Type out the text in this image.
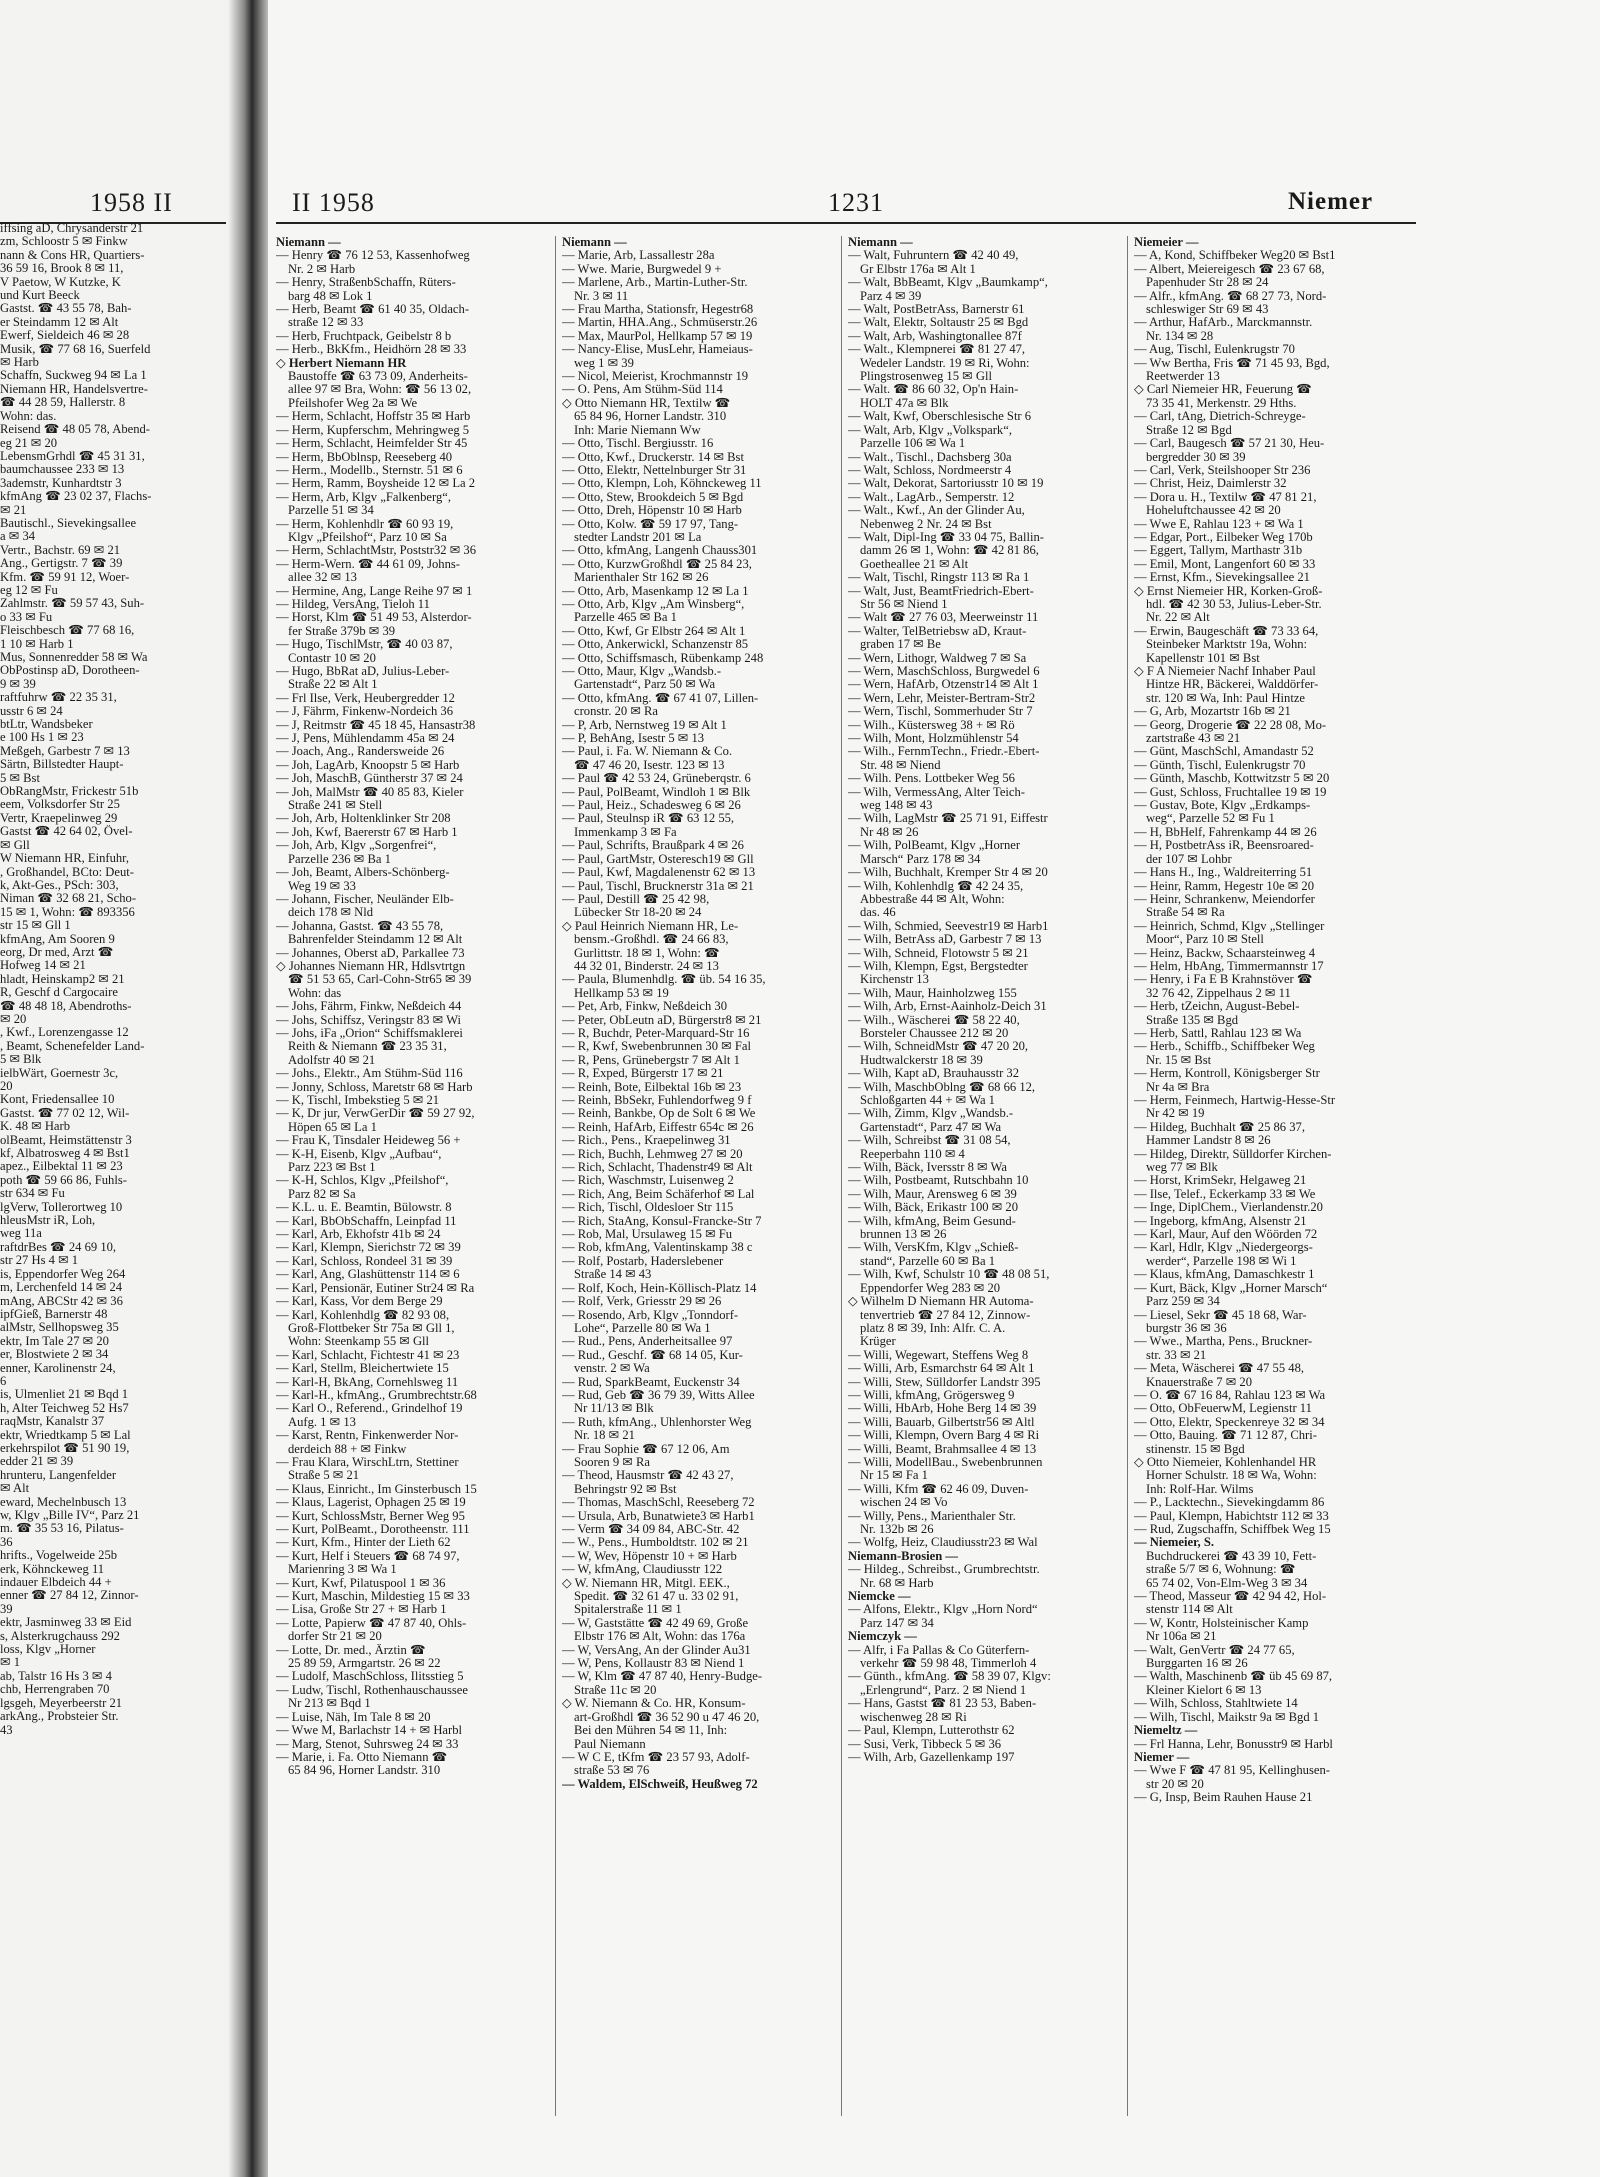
1958 II
iffsing aD, Chrysanderstr 21
zm, Schloostr 5 ✉ Finkw
nann & Cons HR, Quartiers-
36 59 16, Brook 8 ✉ 11,
V Paetow, W Kutzke, K
und Kurt Beeck
Gastst. ☎ 43 55 78, Bah-
er Steindamm 12 ✉ Alt
Ewerf, Sieldeich 46 ✉ 28
Musik, ☎ 77 68 16, Suerfeld
✉ Harb
Schaffn, Suckweg 94 ✉ La 1
Niemann HR, Handelsvertre-
☎ 44 28 59, Hallerstr. 8
Wohn: das.
Reisend ☎ 48 05 78, Abend-
eg 21 ✉ 20
LebensmGrhdl ☎ 45 31 31,
baumchaussee 233 ✉ 13
3ademstr, Kunhardtstr 3
kfmAng ☎ 23 02 37, Flachs-
✉ 21
Bautischl., Sievekingsallee
a ✉ 34
Vertr., Bachstr. 69 ✉ 21
Ang., Gertigstr. 7 ☎ 39
Kfm. ☎ 59 91 12, Woer-
eg 12 ✉ Fu
Zahlmstr. ☎ 59 57 43, Suh-
o 33 ✉ Fu
Fleischbesch ☎ 77 68 16,
1 10 ✉ Harb 1
Mus, Sonnenredder 58 ✉ Wa
ObPostinsp aD, Dorotheen-
9 ✉ 39
raftfuhrw ☎ 22 35 31,
usstr 6 ✉ 24
btLtr, Wandsbeker
e 100 Hs 1 ✉ 23
Meßgeh, Garbestr 7 ✉ 13
Särtn, Billstedter Haupt-
5 ✉ Bst
ObRangMstr, Frickestr 51b
eem, Volksdorfer Str 25
Vertr, Kraepelinweg 29
Gastst ☎ 42 64 02, Övel-
✉ Gll
W Niemann HR, Einfuhr,
, Großhandel, BCto: Deut-
k, Akt-Ges., PSch: 303,
Niman ☎ 32 68 21, Scho-
15 ✉ 1, Wohn: ☎ 893356
str 15 ✉ Gll 1
kfmAng, Am Sooren 9
eorg, Dr med, Arzt ☎
Hofweg 14 ✉ 21
hladt, Heinskamp2 ✉ 21
R, Geschf d Cargocaire
☎ 48 48 18, Abendroths-
✉ 20
, Kwf., Lorenzengasse 12
, Beamt, Schenefelder Land-
5 ✉ Blk
ielbWärt, Goernestr 3c,
20
Kont, Friedensallee 10
Gastst. ☎ 77 02 12, Wil-
K. 48 ✉ Harb
olBeamt, Heimstättenstr 3
kf, Albatrosweg 4 ✉ Bst1
apez., Eilbektal 11 ✉ 23
poth ☎ 59 66 86, Fuhls-
str 634 ✉ Fu
lgVerw, Tollerortweg 10
hleusMstr iR, Loh,
weg 11a
raftdrBes ☎ 24 69 10,
str 27 Hs 4 ✉ 1
is, Eppendorfer Weg 264
m, Lerchenfeld 14 ✉ 24
mAng, ABCStr 42 ✉ 36
ipfGieß, Barnerstr 48
alMstr, Sellhopsweg 35
ektr, Im Tale 27 ✉ 20
er, Blostwiete 2 ✉ 34
enner, Karolinenstr 24,
6
is, Ulmenliet 21 ✉ Bqd 1
h, Alter Teichweg 52 Hs7
raqMstr, Kanalstr 37
ektr, Wriedtkamp 5 ✉ Lal
erkehrspilot ☎ 51 90 19,
edder 21 ✉ 39
hrunteru, Langenfelder
✉ Alt
eward, Mechelnbusch 13
w, Klgv „Bille IV“, Parz 21
m. ☎ 35 53 16, Pilatus-
36
hrifts., Vogelweide 25b
erk, Köhnckeweg 11
indauer Elbdeich 44 +
enner ☎ 27 84 12, Zinnor-
39
ektr, Jasminweg 33 ✉ Eid
s, Alsterkrugchauss 292
loss, Klgv „Horner
✉ 1
ab, Talstr 16 Hs 3 ✉ 4
chb, Herrengraben 70
lgsgeh, Meyerbeerstr 21
arkAng., Probsteier Str.
43
II 1958	1231	Niemer
Niemann —
— Henry ☎ 76 12 53, Kassenhofweg
Nr. 2 ✉ Harb
— Henry, StraßenbSchaffn, Rüters-
barg 48 ✉ Lok 1
— Herb, Beamt ☎ 61 40 35, Oldach-
straße 12 ✉ 33
— Herb, Fruchtpack, Geibelstr 8 b
— Herb., BkKfm., Heidhörn 28 ✉ 33
◇ Herbert Niemann HR
Baustoffe ☎ 63 73 09, Anderheits-
allee 97 ✉ Bra, Wohn: ☎ 56 13 02,
Pfeilshofer Weg 2a ✉ We
— Herm, Schlacht, Hoffstr 35 ✉ Harb
— Herm, Kupferschm, Mehringweg 5
— Herm, Schlacht, Heimfelder Str 45
— Herm, BbOblnsp, Reeseberg 40
— Herm., Modellb., Sternstr. 51 ✉ 6
— Herm, Ramm, Boysheide 12 ✉ La 2
— Herm, Arb, Klgv „Falkenberg“,
Parzelle 51 ✉ 34
— Herm, Kohlenhdlr ☎ 60 93 19,
Klgv „Pfeilshof“, Parz 10 ✉ Sa
— Herm, SchlachtMstr, Poststr32 ✉ 36
— Herm-Wern. ☎ 44 61 09, Johns-
allee 32 ✉ 13
— Hermine, Ang, Lange Reihe 97 ✉ 1
— Hildeg, VersAng, Tieloh 11
— Horst, Klm ☎ 51 49 53, Alsterdor-
fer Straße 379b ✉ 39
— Hugo, TischlMstr, ☎ 40 03 87,
Contastr 10 ✉ 20
— Hugo, BbRat aD, Julius-Leber-
Straße 22 ✉ Alt 1
— Frl Ilse, Verk, Heubergredder 12
— J, Fährm, Finkenw-Nordeich 36
— J, Reitmstr ☎ 45 18 45, Hansastr38
— J, Pens, Mühlendamm 45a ✉ 24
— Joach, Ang., Randersweide 26
— Joh, LagArb, Knoopstr 5 ✉ Harb
— Joh, MaschB, Güntherstr 37 ✉ 24
— Joh, MalMstr ☎ 40 85 83, Kieler
Straße 241 ✉ Stell
— Joh, Arb, Holtenklinker Str 208
— Joh, Kwf, Baererstr 67 ✉ Harb 1
— Joh, Arb, Klgv „Sorgenfrei“,
Parzelle 236 ✉ Ba 1
— Joh, Beamt, Albers-Schönberg-
Weg 19 ✉ 33
— Johann, Fischer, Neuländer Elb-
deich 178 ✉ Nld
— Johanna, Gastst. ☎ 43 55 78,
Bahrenfelder Steindamm 12 ✉ Alt
— Johannes, Oberst aD, Parkallee 73
◇ Johannes Niemann HR, Hdlsvtrtgn
☎ 51 53 65, Carl-Cohn-Str65 ✉ 39
Wohn: das
— Johs, Fährm, Finkw, Neßdeich 44
— Johs, Schiffsz, Veringstr 83 ✉ Wi
— Johs, iFa „Orion“ Schiffsmaklerei
Reith & Niemann ☎ 23 35 31,
Adolfstr 40 ✉ 21
— Johs., Elektr., Am Stühm-Süd 116
— Jonny, Schloss, Maretstr 68 ✉ Harb
— K, Tischl, Imbekstieg 5 ✉ 21
— K, Dr jur, VerwGerDir ☎ 59 27 92,
Höpen 65 ✉ La 1
— Frau K, Tinsdaler Heideweg 56 +
— K-H, Eisenb, Klgv „Aufbau“,
Parz 223 ✉ Bst 1
— K-H, Schlos, Klgv „Pfeilshof“,
Parz 82 ✉ Sa
— K.L. u. E. Beamtin, Bülowstr. 8
— Karl, BbObSchaffn, Leinpfad 11
— Karl, Arb, Ekhofstr 41b ✉ 24
— Karl, Klempn, Sierichstr 72 ✉ 39
— Karl, Schloss, Rondeel 31 ✉ 39
— Karl, Ang, Glashüttenstr 114 ✉ 6
— Karl, Pensionär, Eutiner Str24 ✉ Ra
— Karl, Kass, Vor dem Berge 29
— Karl, Kohlenhdlg ☎ 82 93 08,
Groß-Flottbeker Str 75a ✉ Gll 1,
Wohn: Steenkamp 55 ✉ Gll
— Karl, Schlacht, Fichtestr 41 ✉ 23
— Karl, Stellm, Bleichertwiete 15
— Karl-H, BkAng, Cornehlsweg 11
— Karl-H., kfmAng., Grumbrechtstr.68
— Karl O., Referend., Grindelhof 19
Aufg. 1 ✉ 13
— Karst, Rentn, Finkenwerder Nor-
derdeich 88 + ✉ Finkw
— Frau Klara, WirschLtrn, Stettiner
Straße 5 ✉ 21
— Klaus, Einricht., Im Ginsterbusch 15
— Klaus, Lagerist, Ophagen 25 ✉ 19
— Kurt, SchlossMstr, Berner Weg 95
— Kurt, PolBeamt., Dorotheenstr. 111
— Kurt, Kfm., Hinter der Lieth 62
— Kurt, Helf i Steuers ☎ 68 74 97,
Marienring 3 ✉ Wa 1
— Kurt, Kwf, Pilatuspool 1 ✉ 36
— Kurt, Maschin, Mildestieg 15 ✉ 33
— Lisa, Große Str 27 + ✉ Harb 1
— Lotte, Papierw ☎ 47 87 40, Ohls-
dorfer Str 21 ✉ 20
— Lotte, Dr. med., Ärztin ☎
25 89 59, Armgartstr. 26 ✉ 22
— Ludolf, MaschSchloss, Ilitsstieg 5
— Ludw, Tischl, Rothenhauschaussee
Nr 213 ✉ Bqd 1
— Luise, Näh, Im Tale 8 ✉ 20
— Wwe M, Barlachstr 14 + ✉ Harbl
— Marg, Stenot, Suhrsweg 24 ✉ 33
— Marie, i. Fa. Otto Niemann ☎
65 84 96, Horner Landstr. 310
Niemann —
— Marie, Arb, Lassallestr 28a
— Wwe. Marie, Burgwedel 9 +
— Marlene, Arb., Martin-Luther-Str.
Nr. 3 ✉ 11
— Frau Martha, Stationsfr, Hegestr68
— Martin, HHA.Ang., Schmüserstr.26
— Max, MaurPol, Hellkamp 57 ✉ 19
— Nancy-Elise, MusLehr, Hameiaus-
weg 1 ✉ 39
— Nicol, Meierist, Krochmannstr 19
— O. Pens, Am Stühm-Süd 114
◇ Otto Niemann HR, Textilw ☎
65 84 96, Horner Landstr. 310
Inh: Marie Niemann Ww
— Otto, Tischl. Bergiusstr. 16
— Otto, Kwf., Druckerstr. 14 ✉ Bst
— Otto, Elektr, Nettelnburger Str 31
— Otto, Klempn, Loh, Köhnckeweg 11
— Otto, Stew, Brookdeich 5 ✉ Bgd
— Otto, Dreh, Höpenstr 10 ✉ Harb
— Otto, Kolw. ☎ 59 17 97, Tang-
stedter Landstr 201 ✉ La
— Otto, kfmAng, Langenh Chauss301
— Otto, KurzwGroßhdl ☎ 25 84 23,
Marienthaler Str 162 ✉ 26
— Otto, Arb, Masenkamp 12 ✉ La 1
— Otto, Arb, Klgv „Am Winsberg“,
Parzelle 465 ✉ Ba 1
— Otto, Kwf, Gr Elbstr 264 ✉ Alt 1
— Otto, Ankerwickl, Schanzenstr 85
— Otto, Schiffsmasch, Rübenkamp 248
— Otto, Maur, Klgv „Wandsb.-
Gartenstadt“, Parz 50 ✉ Wa
— Otto, kfmAng. ☎ 67 41 07, Lillen-
cronstr. 20 ✉ Ra
— P, Arb, Nernstweg 19 ✉ Alt 1
— P, BehAng, Isestr 5 ✉ 13
— Paul, i. Fa. W. Niemann & Co.
☎ 47 46 20, Isestr. 123 ✉ 13
— Paul ☎ 42 53 24, Grüneberqstr. 6
— Paul, PolBeamt, Windloh 1 ✉ Blk
— Paul, Heiz., Schadesweg 6 ✉ 26
— Paul, Steulnsp iR ☎ 63 12 55,
Immenkamp 3 ✉ Fa
— Paul, Schrifts, Braußpark 4 ✉ 26
— Paul, GartMstr, Osteresch19 ✉ Gll
— Paul, Kwf, Magdalenenstr 62 ✉ 13
— Paul, Tischl, Brucknerstr 31a ✉ 21
— Paul, Destill ☎ 25 42 98,
Lübecker Str 18-20 ✉ 24
◇ Paul Heinrich Niemann HR, Le-
bensm.-Großhdl. ☎ 24 66 83,
Gurlittstr. 18 ✉ 1, Wohn: ☎
44 32 01, Binderstr. 24 ✉ 13
— Paula, Blumenhdlg. ☎ üb. 54 16 35,
Hellkamp 53 ✉ 19
— Pet, Arb, Finkw, Neßdeich 30
— Peter, ObLeutn aD, Bürgerstr8 ✉ 21
— R, Buchdr, Peter-Marquard-Str 16
— R, Kwf, Swebenbrunnen 30 ✉ Fal
— R, Pens, Grünebergstr 7 ✉ Alt 1
— R, Exped, Bürgerstr 17 ✉ 21
— Reinh, Bote, Eilbektal 16b ✉ 23
— Reinh, BbSekr, Fuhlendorfweg 9 f
— Reinh, Bankbe, Op de Solt 6 ✉ We
— Reinh, HafArb, Eiffestr 654c ✉ 26
— Rich., Pens., Kraepelinweg 31
— Rich, Buchh, Lehmweg 27 ✉ 20
— Rich, Schlacht, Thadenstr49 ✉ Alt
— Rich, Waschmstr, Luisenweg 2
— Rich, Ang, Beim Schäferhof ✉ Lal
— Rich, Tischl, Oldesloer Str 115
— Rich, StaAng, Konsul-Francke-Str 7
— Rob, Mal, Ursulaweg 15 ✉ Fu
— Rob, kfmAng, Valentinskamp 38 c
— Rolf, Postarb, Haderslebener
Straße 14 ✉ 43
— Rolf, Koch, Hein-Köllisch-Platz 14
— Rolf, Verk, Griesstr 29 ✉ 26
— Rosendo, Arb, Klgv „Tonndorf-
Lohe“, Parzelle 80 ✉ Wa 1
— Rud., Pens, Anderheitsallee 97
— Rud., Geschf. ☎ 68 14 05, Kur-
venstr. 2 ✉ Wa
— Rud, SparkBeamt, Euckenstr 34
— Rud, Geb ☎ 36 79 39, Witts Allee
Nr 11/13 ✉ Blk
— Ruth, kfmAng., Uhlenhorster Weg
Nr. 18 ✉ 21
— Frau Sophie ☎ 67 12 06, Am
Sooren 9 ✉ Ra
— Theod, Hausmstr ☎ 42 43 27,
Behringstr 92 ✉ Bst
— Thomas, MaschSchl, Reeseberg 72
— Ursula, Arb, Bunatwiete3 ✉ Harb1
— Verm ☎ 34 09 84, ABC-Str. 42
— W., Pens., Humboldtstr. 102 ✉ 21
— W, Wev, Höpenstr 10 + ✉ Harb
— W, kfmAng, Claudiusstr 122
◇ W. Niemann HR, Mitgl. EEK.,
Spedit. ☎ 32 61 47 u. 33 02 91,
Spitalerstraße 11 ✉ 1
— W, Gaststätte ☎ 42 49 69, Große
Elbstr 176 ✉ Alt, Wohn: das 176a
— W, VersAng, An der Glinder Au31
— W, Pens, Kollaustr 83 ✉ Niend 1
— W, Klm ☎ 47 87 40, Henry-Budge-
Straße 11c ✉ 20
◇ W. Niemann & Co. HR, Konsum-
art-Großhdl ☎ 36 52 90 u 47 46 20,
Bei den Mühren 54 ✉ 11, Inh:
Paul Niemann
— W C E, tKfm ☎ 23 57 93, Adolf-
straße 53 ✉ 76
— Waldem, ElSchweiß, Heußweg 72
Niemann —
— Walt, Fuhruntern ☎ 42 40 49,
Gr Elbstr 176a ✉ Alt 1
— Walt, BbBeamt, Klgv „Baumkamp“,
Parz 4 ✉ 39
— Walt, PostBetrAss, Barnerstr 61
— Walt, Elektr, Soltaustr 25 ✉ Bgd
— Walt, Arb, Washingtonallee 87f
— Walt., Klempnerei ☎ 81 27 47,
Wedeler Landstr. 19 ✉ Ri, Wohn:
Plingstrosenweg 15 ✉ Gll
— Walt. ☎ 86 60 32, Op'n Hain-
HOLT 47a ✉ Blk
— Walt, Kwf, Oberschlesische Str 6
— Walt, Arb, Klgv „Volkspark“,
Parzelle 106 ✉ Wa 1
— Walt., Tischl., Dachsberg 30a
— Walt, Schloss, Nordmeerstr 4
— Walt, Dekorat, Sartoriusstr 10 ✉ 19
— Walt., LagArb., Semperstr. 12
— Walt., Kwf., An der Glinder Au,
Nebenweg 2 Nr. 24 ✉ Bst
— Walt, Dipl-Ing ☎ 33 04 75, Ballin-
damm 26 ✉ 1, Wohn: ☎ 42 81 86,
Goetheallee 21 ✉ Alt
— Walt, Tischl, Ringstr 113 ✉ Ra 1
— Walt, Just, BeamtFriedrich-Ebert-
Str 56 ✉ Niend 1
— Walt ☎ 27 76 03, Meerweinstr 11
— Walter, TelBetriebsw aD, Kraut-
graben 17 ✉ Be
— Wern, Lithogr, Waldweg 7 ✉ Sa
— Wern, MaschSchloss, Burgwedel 6
— Wern, HafArb, Otzenstr14 ✉ Alt 1
— Wern, Lehr, Meister-Bertram-Str2
— Wern, Tischl, Sommerhuder Str 7
— Wilh., Küstersweg 38 + ✉ Rö
— Wilh, Mont, Holzmühlenstr 54
— Wilh., FernmTechn., Friedr.-Ebert-
Str. 48 ✉ Niend
— Wilh. Pens. Lottbeker Weg 56
— Wilh, VermessAng, Alter Teich-
weg 148 ✉ 43
— Wilh, LagMstr ☎ 25 71 91, Eiffestr
Nr 48 ✉ 26
— Wilh, PolBeamt, Klgv „Horner
Marsch“ Parz 178 ✉ 34
— Wilh, Buchhalt, Kremper Str 4 ✉ 20
— Wilh, Kohlenhdlg ☎ 42 24 35,
Abbestraße 44 ✉ Alt, Wohn:
das. 46
— Wilh, Schmied, Seevestr19 ✉ Harb1
— Wilh, BetrAss aD, Garbestr 7 ✉ 13
— Wilh, Schneid, Flotowstr 5 ✉ 21
— Wilh, Klempn, Egst, Bergstedter
Kirchenstr 13
— Wilh, Maur, Hainholzweg 155
— Wilh, Arb, Ernst-Aainholz-Deich 31
— Wilh., Wäscherei ☎ 58 22 40,
Borsteler Chaussee 212 ✉ 20
— Wilh, SchneidMstr ☎ 47 20 20,
Hudtwalckerstr 18 ✉ 39
— Wilh, Kapt aD, Brauhausstr 32
— Wilh, MaschbOblng ☎ 68 66 12,
Schloßgarten 44 + ✉ Wa 1
— Wilh, Zimm, Klgv „Wandsb.-
Gartenstadt“, Parz 47 ✉ Wa
— Wilh, Schreibst ☎ 31 08 54,
Reeperbahn 110 ✉ 4
— Wilh, Bäck, Iversstr 8 ✉ Wa
— Wilh, Postbeamt, Rutschbahn 10
— Wilh, Maur, Arensweg 6 ✉ 39
— Wilh, Bäck, Erikastr 100 ✉ 20
— Wilh, kfmAng, Beim Gesund-
brunnen 13 ✉ 26
— Wilh, VersKfm, Klgv „Schieß-
stand“, Parzelle 60 ✉ Ba 1
— Wilh, Kwf, Schulstr 10 ☎ 48 08 51,
Eppendorfer Weg 283 ✉ 20
◇ Wilhelm D Niemann HR Automa-
tenvertrieb ☎ 27 84 12, Zinnow-
platz 8 ✉ 39, Inh: Alfr. C. A.
Krüger
— Willi, Wegewart, Steffens Weg 8
— Willi, Arb, Esmarchstr 64 ✉ Alt 1
— Willi, Stew, Sülldorfer Landstr 395
— Willi, kfmAng, Grögersweg 9
— Willi, HbArb, Hohe Berg 14 ✉ 39
— Willi, Bauarb, Gilbertstr56 ✉ Altl
— Willi, Klempn, Overn Barg 4 ✉ Ri
— Willi, Beamt, Brahmsallee 4 ✉ 13
— Willi, ModellBau., Swebenbrunnen
Nr 15 ✉ Fa 1
— Willi, Kfm ☎ 62 46 09, Duven-
wischen 24 ✉ Vo
— Willy, Pens., Marienthaler Str.
Nr. 132b ✉ 26
— Wolfg, Heiz, Claudiusstr23 ✉ Wal
Niemann-Brosien —
— Hildeg., Schreibst., Grumbrechtstr.
Nr. 68 ✉ Harb
Niemcke —
— Alfons, Elektr., Klgv „Horn Nord“
Parz 147 ✉ 34
Niemczyk —
— Alfr, i Fa Pallas & Co Güterfern-
verkehr ☎ 59 98 48, Timmerloh 4
— Günth., kfmAng. ☎ 58 39 07, Klgv:
„Erlengrund“, Parz. 2 ✉ Niend 1
— Hans, Gastst ☎ 81 23 53, Baben-
wischenweg 28 ✉ Ri
— Paul, Klempn, Lutterothstr 62
— Susi, Verk, Tibbeck 5 ✉ 36
— Wilh, Arb, Gazellenkamp 197
Niemeier —
— A, Kond, Schiffbeker Weg20 ✉ Bst1
— Albert, Meiereigesch ☎ 23 67 68,
Papenhuder Str 28 ✉ 24
— Alfr., kfmAng. ☎ 68 27 73, Nord-
schleswiger Str 69 ✉ 43
— Arthur, HafArb., Marckmannstr.
Nr. 134 ✉ 28
— Aug, Tischl, Eulenkrugstr 70
— Ww Bertha, Fris ☎ 71 45 93, Bgd,
Reetwerder 13
◇ Carl Niemeier HR, Feuerung ☎
73 35 41, Merkenstr. 29 Hths.
— Carl, tAng, Dietrich-Schreyge-
Straße 12 ✉ Bgd
— Carl, Baugesch ☎ 57 21 30, Heu-
bergredder 30 ✉ 39
— Carl, Verk, Steilshooper Str 236
— Christ, Heiz, Daimlerstr 32
— Dora u. H., Textilw ☎ 47 81 21,
Hoheluftchaussee 42 ✉ 20
— Wwe E, Rahlau 123 + ✉ Wa 1
— Edgar, Port., Eilbeker Weg 170b
— Eggert, Tallym, Marthastr 31b
— Emil, Mont, Langenfort 60 ✉ 33
— Ernst, Kfm., Sievekingsallee 21
◇ Ernst Niemeier HR, Korken-Groß-
hdl. ☎ 42 30 53, Julius-Leber-Str.
Nr. 22 ✉ Alt
— Erwin, Baugeschäft ☎ 73 33 64,
Steinbeker Marktstr 19a, Wohn:
Kapellenstr 101 ✉ Bst
◇ F A Niemeier Nachf Inhaber Paul
Hintze HR, Bäckerei, Walddörfer-
str. 120 ✉ Wa, Inh: Paul Hintze
— G, Arb, Mozartstr 16b ✉ 21
— Georg, Drogerie ☎ 22 28 08, Mo-
zartstraße 43 ✉ 21
— Günt, MaschSchl, Amandastr 52
— Günth, Tischl, Eulenkrugstr 70
— Günth, Maschb, Kottwitzstr 5 ✉ 20
— Gust, Schloss, Fruchtallee 19 ✉ 19
— Gustav, Bote, Klgv „Erdkamps-
weg“, Parzelle 52 ✉ Fu 1
— H, BbHelf, Fahrenkamp 44 ✉ 26
— H, PostbetrAss iR, Beensroared-
der 107 ✉ Lohbr
— Hans H., Ing., Waldreiterring 51
— Heinr, Ramm, Hegestr 10e ✉ 20
— Heinr, Schrankenw, Meiendorfer
Straße 54 ✉ Ra
— Heinrich, Schmd, Klgv „Stellinger
Moor“, Parz 10 ✉ Stell
— Heinz, Backw, Schaarsteinweg 4
— Helm, HbAng, Timmermannstr 17
— Henry, i Fa E B Krahnstöver ☎
32 76 42, Zippelhaus 2 ✉ 11
— Herb, tZeichn, August-Bebel-
Straße 135 ✉ Bgd
— Herb, Sattl, Rahlau 123 ✉ Wa
— Herb., Schiffb., Schiffbeker Weg
Nr. 15 ✉ Bst
— Herm, Kontroll, Königsberger Str
Nr 4a ✉ Bra
— Herm, Feinmech, Hartwig-Hesse-Str
Nr 42 ✉ 19
— Hildeg, Buchhalt ☎ 25 86 37,
Hammer Landstr 8 ✉ 26
— Hildeg, Direktr, Sülldorfer Kirchen-
weg 77 ✉ Blk
— Horst, KrimSekr, Helgaweg 21
— Ilse, Telef., Eckerkamp 33 ✉ We
— Inge, DiplChem., Vierlandenstr.20
— Ingeborg, kfmAng, Alsenstr 21
— Karl, Maur, Auf den Wöörden 72
— Karl, Hdlr, Klgv „Niedergeorgs-
werder“, Parzelle 198 ✉ Wi 1
— Klaus, kfmAng, Damaschkestr 1
— Kurt, Bäck, Klgv „Horner Marsch“
Parz 259 ✉ 34
— Liesel, Sekr ☎ 45 18 68, War-
burgstr 36 ✉ 36
— Wwe., Martha, Pens., Bruckner-
str. 33 ✉ 21
— Meta, Wäscherei ☎ 47 55 48,
Knauerstraße 7 ✉ 20
— O. ☎ 67 16 84, Rahlau 123 ✉ Wa
— Otto, ObFeuerwM, Legienstr 11
— Otto, Elektr, Speckenreye 32 ✉ 34
— Otto, Bauing. ☎ 71 12 87, Chri-
stinenstr. 15 ✉ Bgd
◇ Otto Niemeier, Kohlenhandel HR
Horner Schulstr. 18 ✉ Wa, Wohn:
Inh: Rolf-Har. Wilms
— P., Lacktechn., Sievekingdamm 86
— Paul, Klempn, Habichtstr 112 ✉ 33
— Rud, Zugschaffn, Schiffbek Weg 15
— Niemeier, S.
Buchdruckerei ☎ 43 39 10, Fett-
straße 5/7 ✉ 6, Wohnung: ☎
65 74 02, Von-Elm-Weg 3 ✉ 34
— Theod, Masseur ☎ 42 94 42, Hol-
stenstr 114 ✉ Alt
— W, Kontr, Holsteinischer Kamp
Nr 106a ✉ 21
— Walt, GenVertr ☎ 24 77 65,
Burggarten 16 ✉ 26
— Walth, Maschinenb ☎ üb 45 69 87,
Kleiner Kielort 6 ✉ 13
— Wilh, Schloss, Stahltwiete 14
— Wilh, Tischl, Maikstr 9a ✉ Bgd 1
Niemeltz —
— Frl Hanna, Lehr, Bonusstr9 ✉ Harbl
Niemer —
— Wwe F ☎ 47 81 95, Kellinghusen-
str 20 ✉ 20
— G, Insp, Beim Rauhen Hause 21
